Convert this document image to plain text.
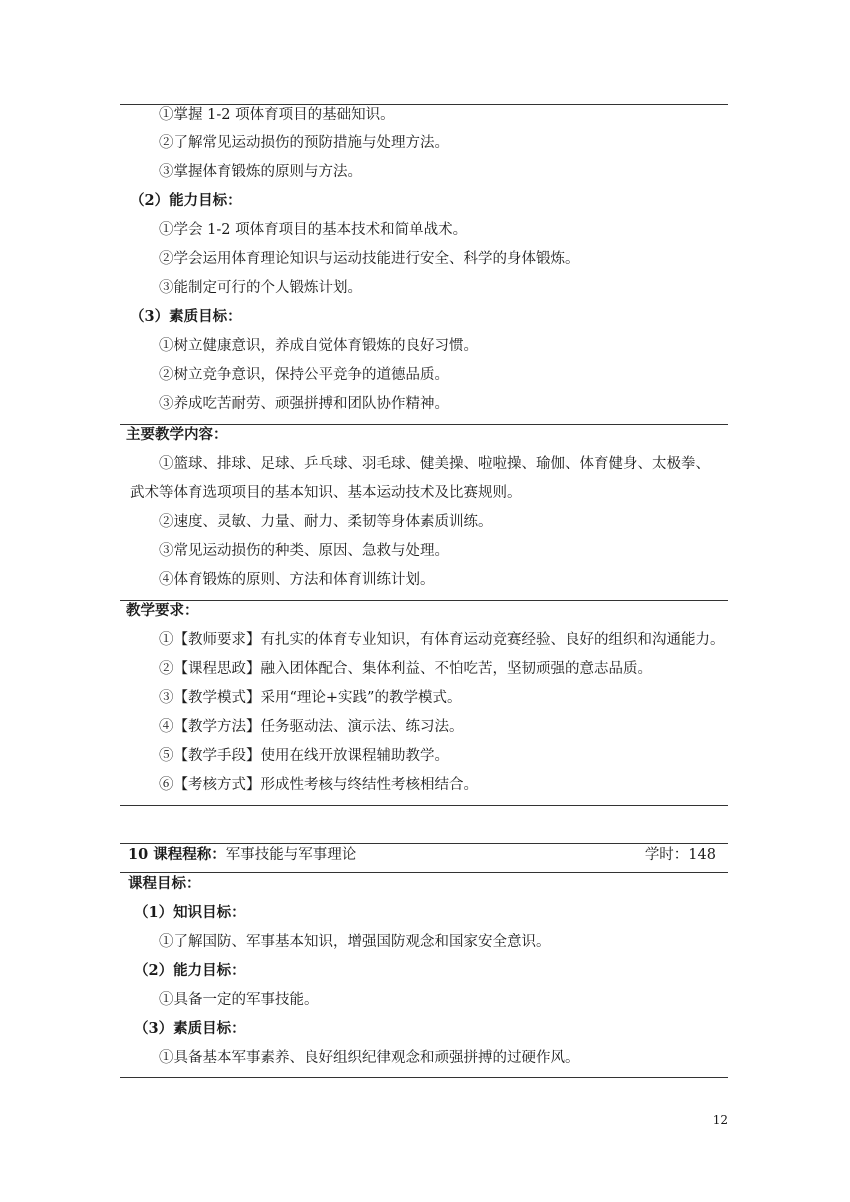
①掌握 1-2 项体育项目的基础知识。
②了解常见运动损伤的预防措施与处理方法。
③掌握体育锻炼的原则与方法。
（2）能力目标：
①学会 1-2 项体育项目的基本技术和简单战术。
②学会运用体育理论知识与运动技能进行安全、科学的身体锻炼。
③能制定可行的个人锻炼计划。
（3）素质目标：
①树立健康意识，养成自觉体育锻炼的良好习惯。
②树立竞争意识，保持公平竞争的道德品质。
③养成吃苦耐劳、顽强拼搏和团队协作精神。
主要教学内容：
①篮球、排球、足球、乒乓球、羽毛球、健美操、啦啦操、瑜伽、体育健身、太极拳、
武术等体育选项项目的基本知识、基本运动技术及比赛规则。
②速度、灵敏、力量、耐力、柔韧等身体素质训练。
③常见运动损伤的种类、原因、急救与处理。
④体育锻炼的原则、方法和体育训练计划。
教学要求：
①【教师要求】有扎实的体育专业知识，有体育运动竞赛经验、良好的组织和沟通能力。
②【课程思政】融入团体配合、集体利益、不怕吃苦，坚韧顽强的意志品质。
③【教学模式】采用“理论+实践”的教学模式。
④【教学方法】任务驱动法、演示法、练习法。
⑤【教学手段】使用在线开放课程辅助教学。
⑥【考核方式】形成性考核与终结性考核相结合。
10 课程程称：军事技能与军事理论	学时：148
课程目标：
（1）知识目标：
①了解国防、军事基本知识，增强国防观念和国家安全意识。
（2）能力目标：
①具备一定的军事技能。
（3）素质目标：
①具备基本军事素养、良好组织纪律观念和顽强拼搏的过硬作风。
12
